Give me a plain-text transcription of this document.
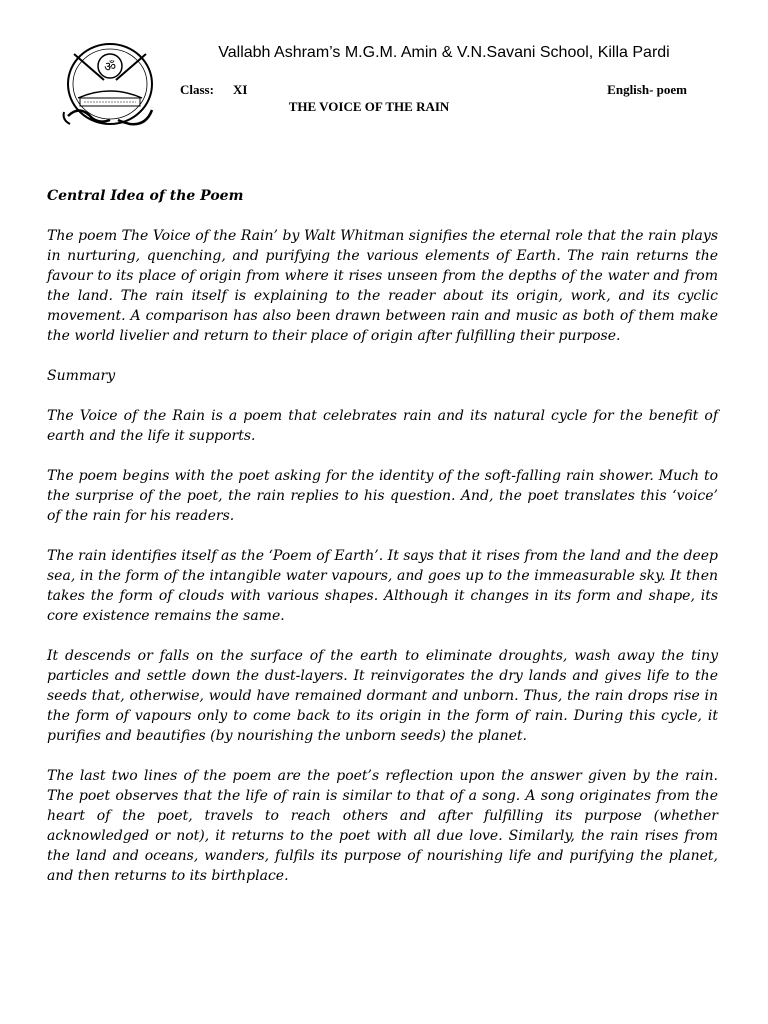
ॐ
Vallabh Ashram’s M.G.M. Amin & V.N.Savani School, Killa Pardi
Class: XI	English- poem
THE VOICE OF THE RAIN

Central Idea of the Poem

The poem The Voice of the Rain’ by Walt Whitman signifies the eternal role that the rain plays in nurturing, quenching, and purifying the various elements of Earth. The rain returns the favour to its place of origin from where it rises unseen from the depths of the water and from the land. The rain itself is explaining to the reader about its origin, work, and its cyclic movement. A comparison has also been drawn between rain and music as both of them make the world livelier and return to their place of origin after fulfilling their purpose.

Summary

The Voice of the Rain is a poem that celebrates rain and its natural cycle for the benefit of earth and the life it supports.

The poem begins with the poet asking for the identity of the soft-falling rain shower. Much to the surprise of the poet, the rain replies to his question. And, the poet translates this ‘voice’ of the rain for his readers.

The rain identifies itself as the ‘Poem of Earth’. It says that it rises from the land and the deep sea, in the form of the intangible water vapours, and goes up to the immeasurable sky. It then takes the form of clouds with various shapes. Although it changes in its form and shape, its core existence remains the same.

It descends or falls on the surface of the earth to eliminate droughts, wash away the tiny particles and settle down the dust-layers. It reinvigorates the dry lands and gives life to the seeds that, otherwise, would have remained dormant and unborn. Thus, the rain drops rise in the form of vapours only to come back to its origin in the form of rain. During this cycle, it purifies and beautifies (by nourishing the unborn seeds) the planet.

The last two lines of the poem are the poet’s reflection upon the answer given by the rain. The poet observes that the life of rain is similar to that of a song. A song originates from the heart of the poet, travels to reach others and after fulfilling its purpose (whether acknowledged or not), it returns to the poet with all due love. Similarly, the rain rises from the land and oceans, wanders, fulfils its purpose of nourishing life and purifying the planet, and then returns to its birthplace.
